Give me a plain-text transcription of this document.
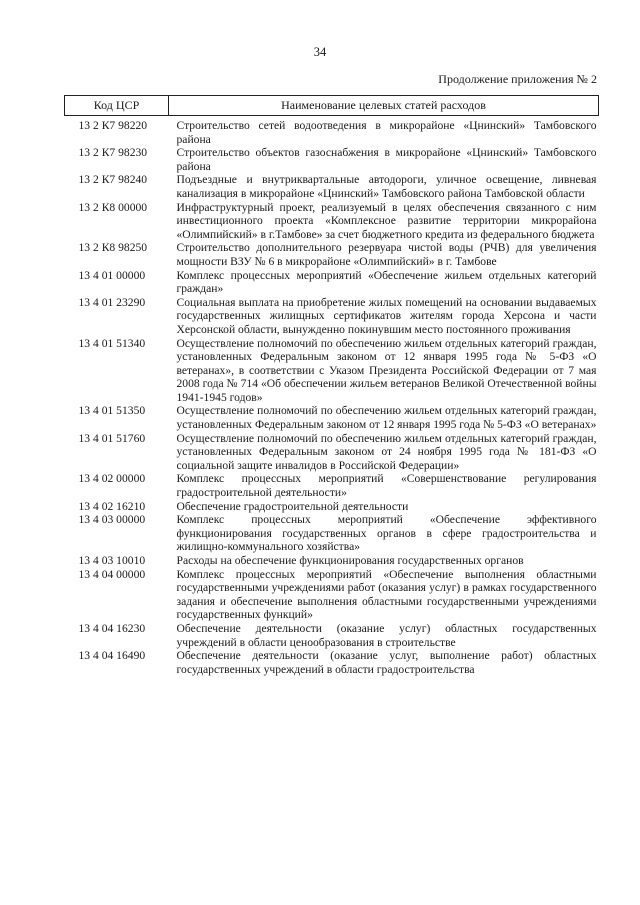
34
Продолжение приложения № 2
Код ЦСР	Наименование целевых статей расходов
13 2 К7 98220	Строительство сетей водоотведения в микрорайоне «Цнинский» Тамбовского района
13 2 К7 98230	Строительство объектов газоснабжения в микрорайоне «Цнинский» Тамбовского района
13 2 К7 98240	Подъездные и внутриквартальные автодороги, уличное освещение, ливневая канализация в микрорайоне «Цнинский» Тамбовского района Тамбовской области
13 2 К8 00000	Инфраструктурный проект, реализуемый в целях обеспечения связанного с ним инвестиционного проекта «Комплексное развитие территории микрорайона «Олимпийский» в г.Тамбове» за счет бюджетного кредита из федерального бюджета
13 2 К8 98250	Строительство дополнительного резервуара чистой воды (РЧВ) для увеличения мощности ВЗУ № 6 в микрорайоне «Олимпийский» в г. Тамбове
13 4 01 00000	Комплекс процессных мероприятий «Обеспечение жильем отдельных категорий граждан»
13 4 01 23290	Социальная выплата на приобретение жилых помещений на основании выдаваемых государственных жилищных сертификатов жителям города Херсона и части Херсонской области, вынужденно покинувшим место постоянного проживания
13 4 01 51340	Осуществление полномочий по обеспечению жильем отдельных категорий граждан, установленных Федеральным законом от 12 января 1995 года № 5-ФЗ «О ветеранах», в соответствии с Указом Президента Российской Федерации от 7 мая 2008 года № 714 «Об обеспечении жильем ветеранов Великой Отечественной войны 1941-1945 годов»
13 4 01 51350	Осуществление полномочий по обеспечению жильем отдельных категорий граждан, установленных Федеральным законом от 12 января 1995 года № 5-ФЗ «О ветеранах»
13 4 01 51760	Осуществление полномочий по обеспечению жильем отдельных категорий граждан, установленных Федеральным законом от 24 ноября 1995 года № 181-ФЗ «О социальной защите инвалидов в Российской Федерации»
13 4 02 00000	Комплекс процессных мероприятий «Совершенствование регулирования градостроительной деятельности»
13 4 02 16210	Обеспечение градостроительной деятельности
13 4 03 00000	Комплекс процессных мероприятий «Обеспечение эффективного функционирования государственных органов в сфере градостроительства и жилищно-коммунального хозяйства»
13 4 03 10010	Расходы на обеспечение функционирования государственных органов
13 4 04 00000	Комплекс процессных мероприятий «Обеспечение выполнения областными государственными учреждениями работ (оказания услуг) в рамках государственного задания и обеспечение выполнения областными государственными учреждениями государственных функций»
13 4 04 16230	Обеспечение деятельности (оказание услуг) областных государственных учреждений в области ценообразования в строительстве
13 4 04 16490	Обеспечение деятельности (оказание услуг, выполнение работ) областных государственных учреждений в области градостроительства
